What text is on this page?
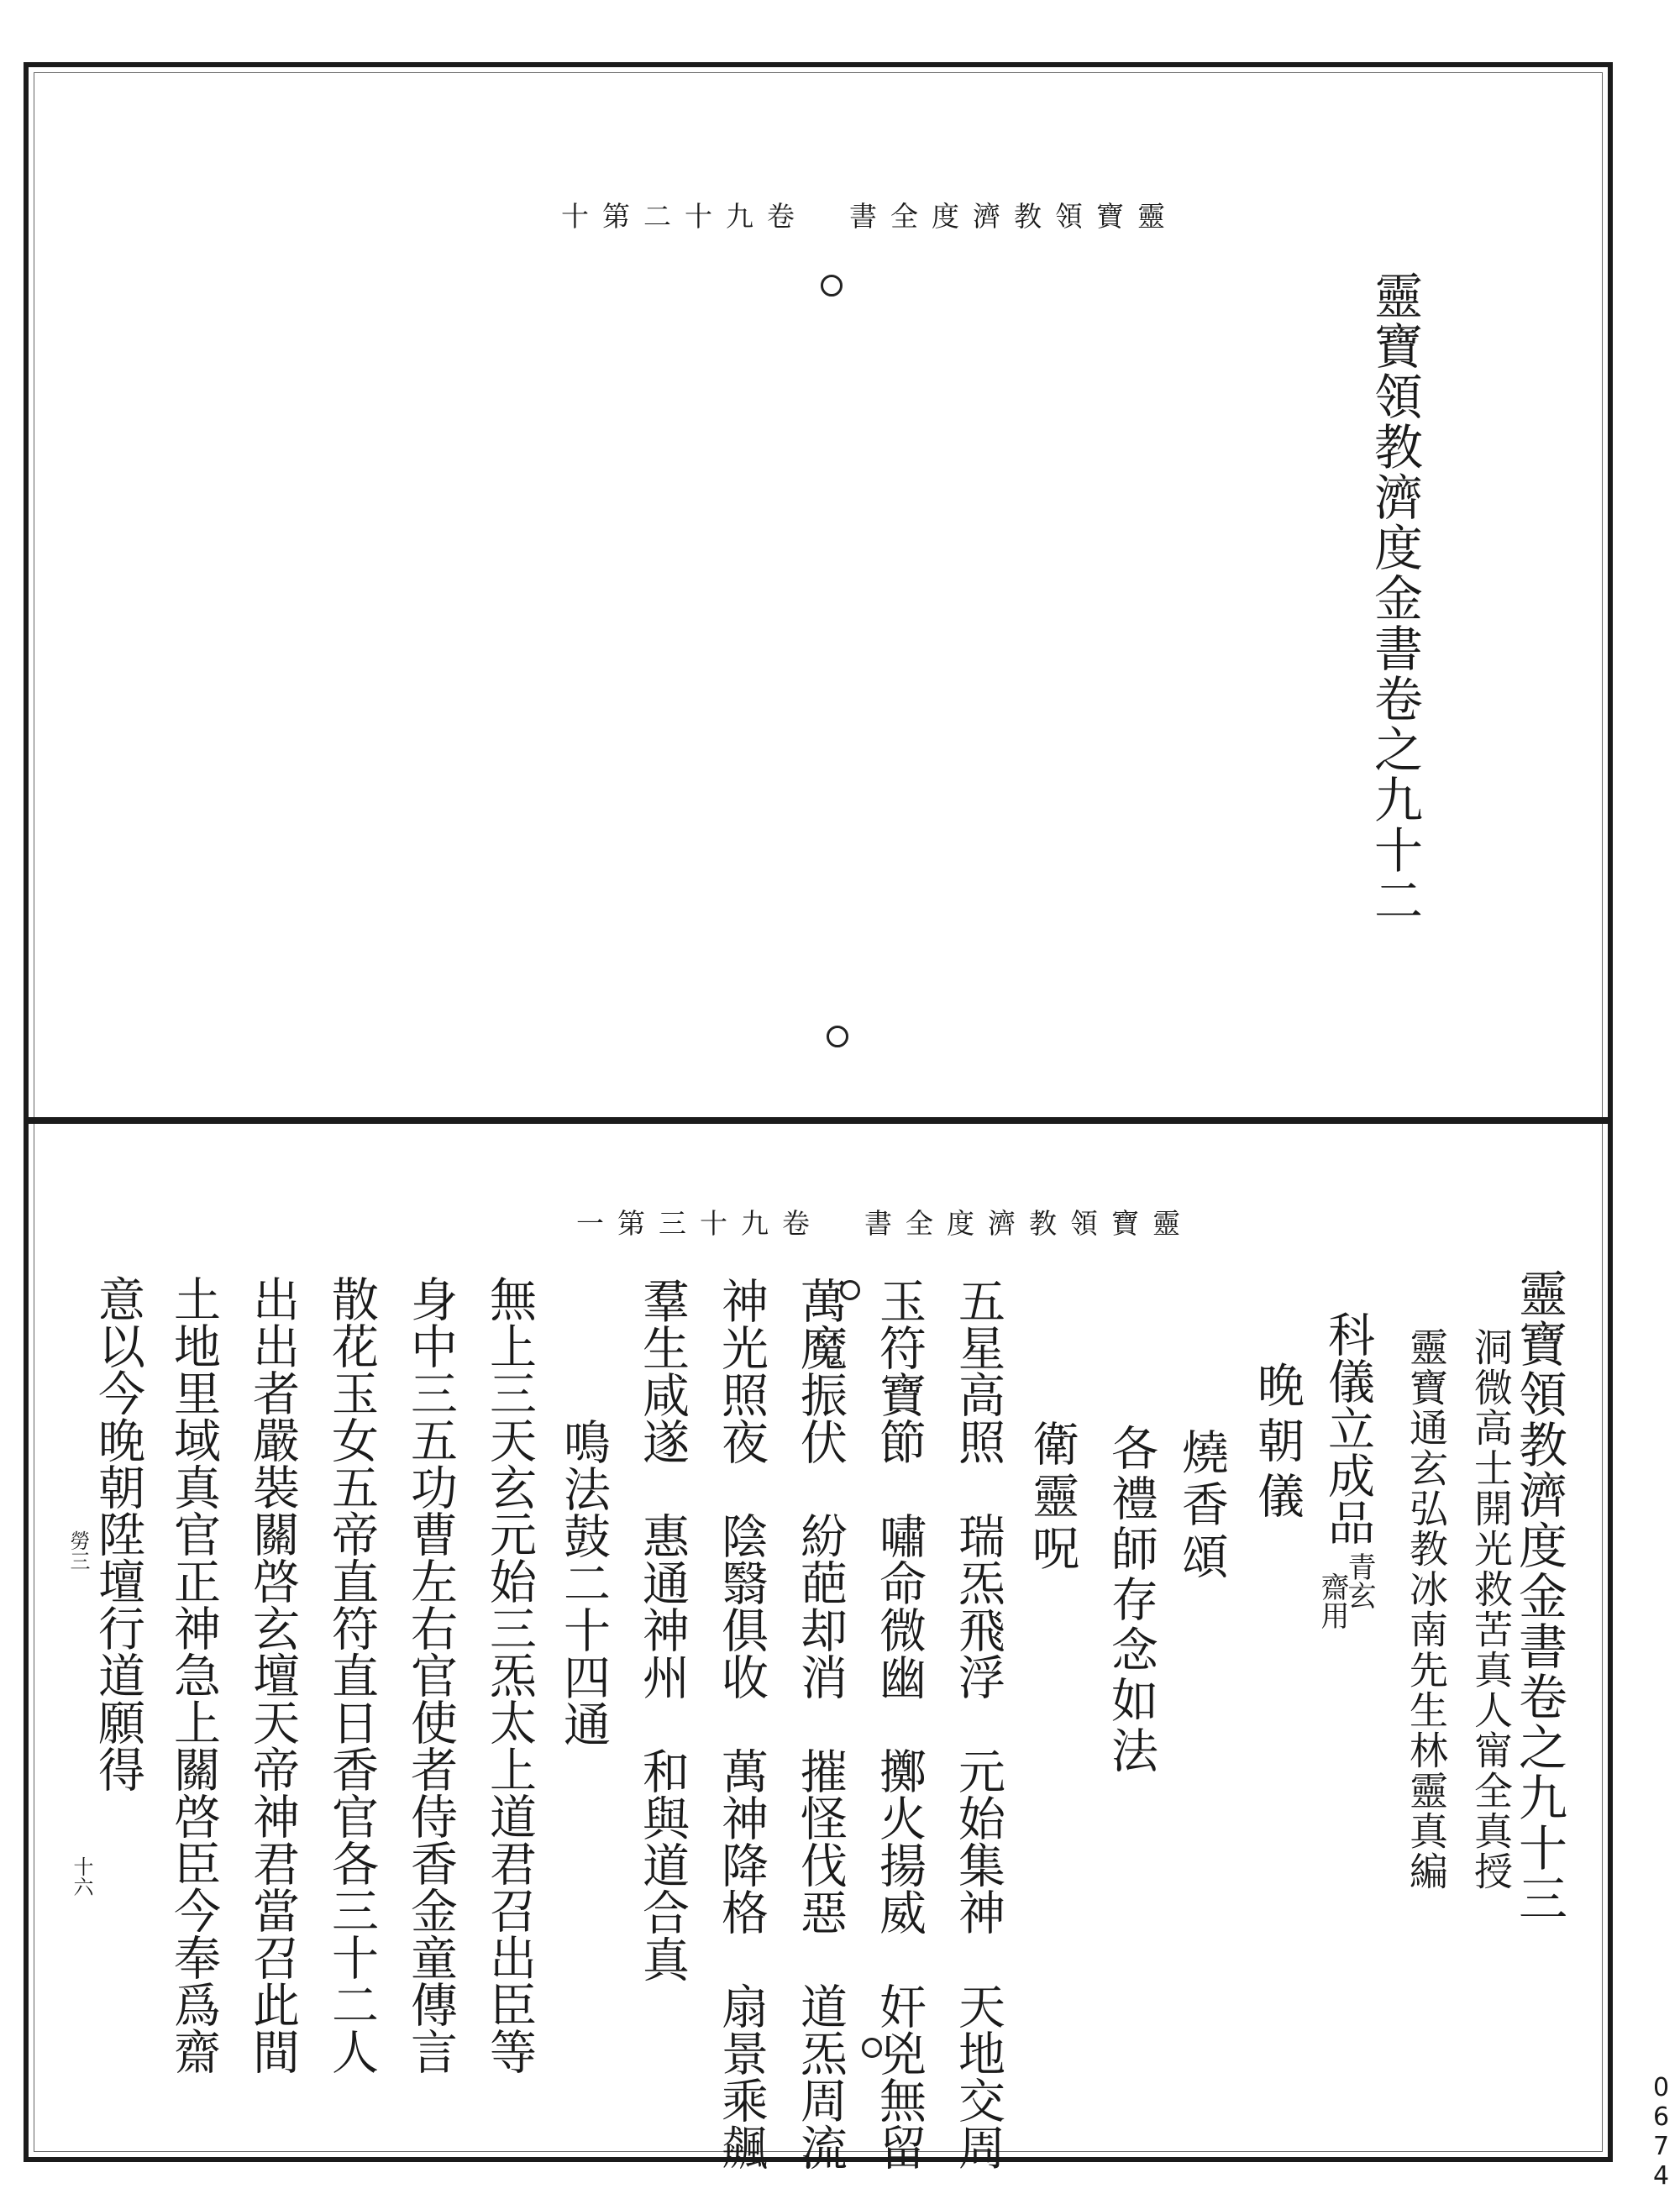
十第二十九卷　書全度濟教領寶靈
靈寶領教濟度金書卷之九十二
一第三十九卷　書全度濟教領寶靈
靈寶領教濟度金書卷之九十三
洞微高士開光救苦真人甯全真授
靈寶通玄弘教冰南先生林靈真編
科儀立成品
青玄
齋用
晚朝儀
燒香頌
各禮師存念如法
衛靈呪
五星高照　瑞炁飛浮　元始集神　天地交周
玉符寶節　嘯命微幽　擲火揚威　奸兇無留
萬魔振伏　紛葩却消　摧怪伐惡　道炁周流
神光照夜　陰翳俱收　萬神降格　扇景乘飆
羣生咸遂　惠通神州　和與道合真
鳴法鼓二十四通
無上三天玄元始三炁太上道君召出臣等
身中三五功曹左右官使者侍香金童傳言
散花玉女五帝直符直日香官各三十二人
出出者嚴裝關啓玄壇天帝神君當召此間
土地里域真官正神急上關啓臣今奉爲齋
意以今晚朝陞壇行道願得
勞三
十六
0674
